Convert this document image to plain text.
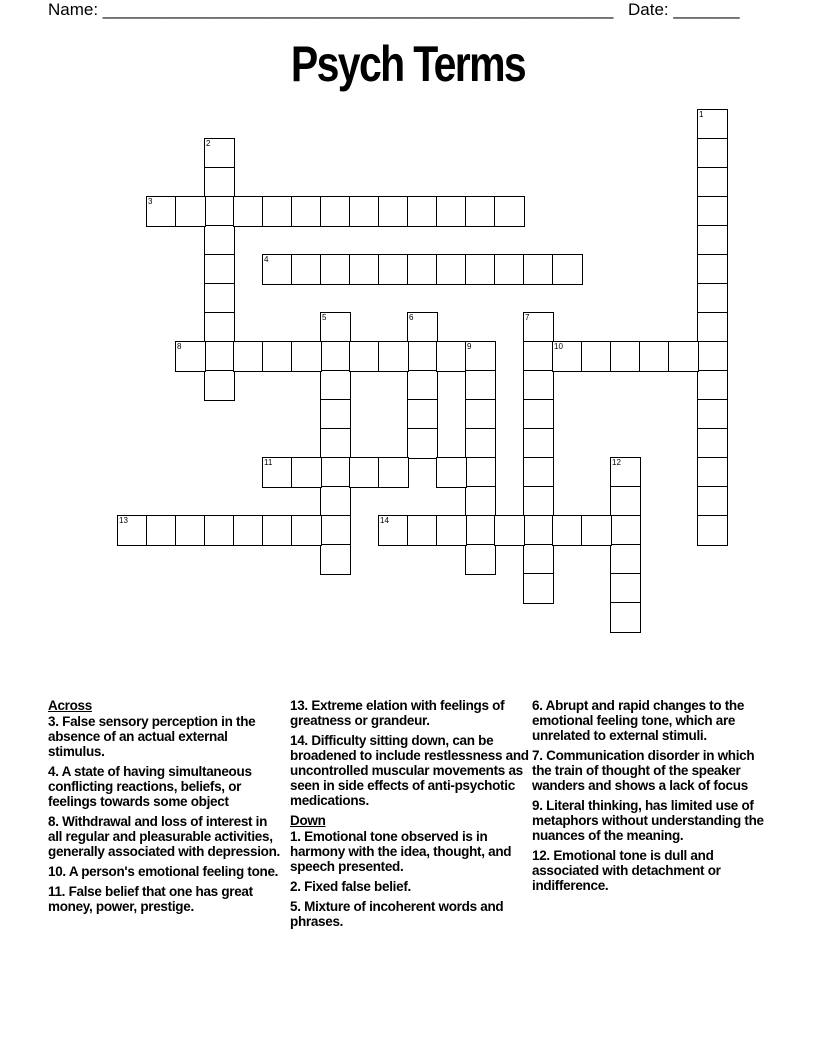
Name: ______________________________________________________ Date: _______
Psych Terms
1
2
3
4
5	6	7
8	9	10
11	12
13	14
Across
3. False sensory perception in the absence of an actual external stimulus.
4. A state of having simultaneous conflicting reactions, beliefs, or feelings towards some object
8. Withdrawal and loss of interest in all regular and pleasurable activities, generally associated with depression.
10. A person's emotional feeling tone.
11. False belief that one has great money, power, prestige.
13. Extreme elation with feelings of greatness or grandeur.
14. Difficulty sitting down, can be broadened to include restlessness and uncontrolled muscular movements as seen in side effects of anti-psychotic medications.
Down
1. Emotional tone observed is in harmony with the idea, thought, and speech presented.
2. Fixed false belief.
5. Mixture of incoherent words and phrases.
6. Abrupt and rapid changes to the emotional feeling tone, which are unrelated to external stimuli.
7. Communication disorder in which the train of thought of the speaker wanders and shows a lack of focus
9. Literal thinking, has limited use of metaphors without understanding the nuances of the meaning.
12. Emotional tone is dull and associated with detachment or indifference.
